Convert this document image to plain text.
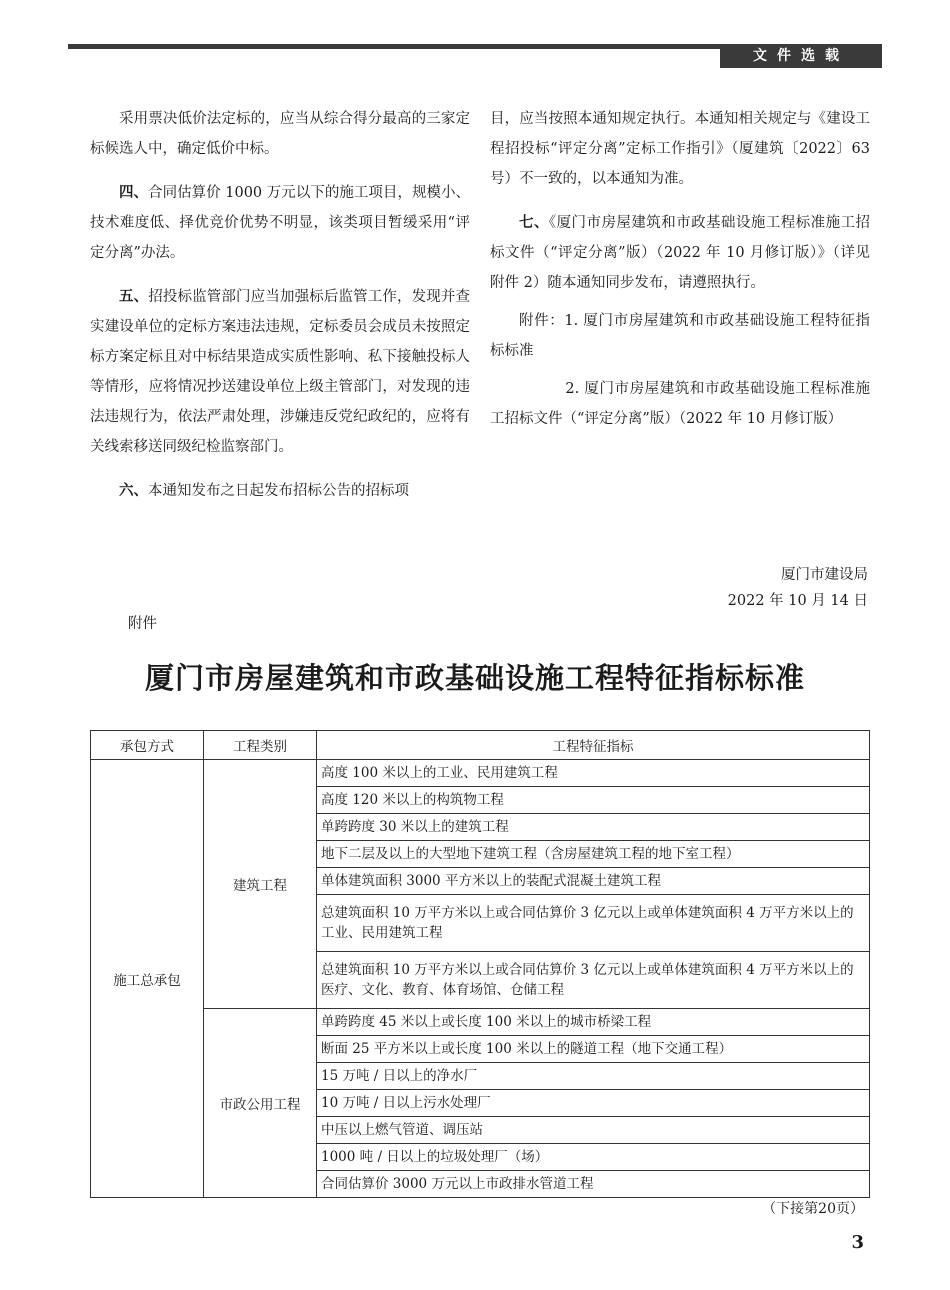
文件选载

采用票决低价法定标的，应当从综合得分最高的三家定标候选人中，确定低价中标。

四、合同估算价 1000 万元以下的施工项目，规模小、技术难度低、择优竞价优势不明显，该类项目暂缓采用“评定分离”办法。

五、招投标监管部门应当加强标后监管工作，发现并查实建设单位的定标方案违法违规，定标委员会成员未按照定标方案定标且对中标结果造成实质性影响、私下接触投标人等情形，应将情况抄送建设单位上级主管部门，对发现的违法违规行为，依法严肃处理，涉嫌违反党纪政纪的，应将有关线索移送同级纪检监察部门。

六、本通知发布之日起发布招标公告的招标项

目，应当按照本通知规定执行。本通知相关规定与《建设工程招投标“评定分离”定标工作指引》（厦建筑〔2022〕63 号）不一致的，以本通知为准。

七、《厦门市房屋建筑和市政基础设施工程标准施工招标文件（“评定分离”版）（2022 年 10 月修订版）》（详见附件 2）随本通知同步发布，请遵照执行。

附件：1. 厦门市房屋建筑和市政基础设施工程特征指标标准

2. 厦门市房屋建筑和市政基础设施工程标准施工招标文件（“评定分离”版）（2022 年 10 月修订版）

厦门市建设局
2022 年 10 月 14 日
附件
厦门市房屋建筑和市政基础设施工程特征指标标准
承包方式	工程类别	工程特征指标
施工总承包	建筑工程	高度 100 米以上的工业、民用建筑工程
		高度 120 米以上的构筑物工程
		单跨跨度 30 米以上的建筑工程
		地下二层及以上的大型地下建筑工程（含房屋建筑工程的地下室工程）
		单体建筑面积 3000 平方米以上的装配式混凝土建筑工程
		总建筑面积 10 万平方米以上或合同估算价 3 亿元以上或单体建筑面积 4 万平方米以上的工业、民用建筑工程
		总建筑面积 10 万平方米以上或合同估算价 3 亿元以上或单体建筑面积 4 万平方米以上的医疗、文化、教育、体育场馆、仓储工程
	市政公用工程	单跨跨度 45 米以上或长度 100 米以上的城市桥梁工程
		断面 25 平方米以上或长度 100 米以上的隧道工程（地下交通工程）
		15 万吨 / 日以上的净水厂
		10 万吨 / 日以上污水处理厂
		中压以上燃气管道、调压站
		1000 吨 / 日以上的垃圾处理厂（场）
		合同估算价 3000 万元以上市政排水管道工程
（下接第20页）
3
